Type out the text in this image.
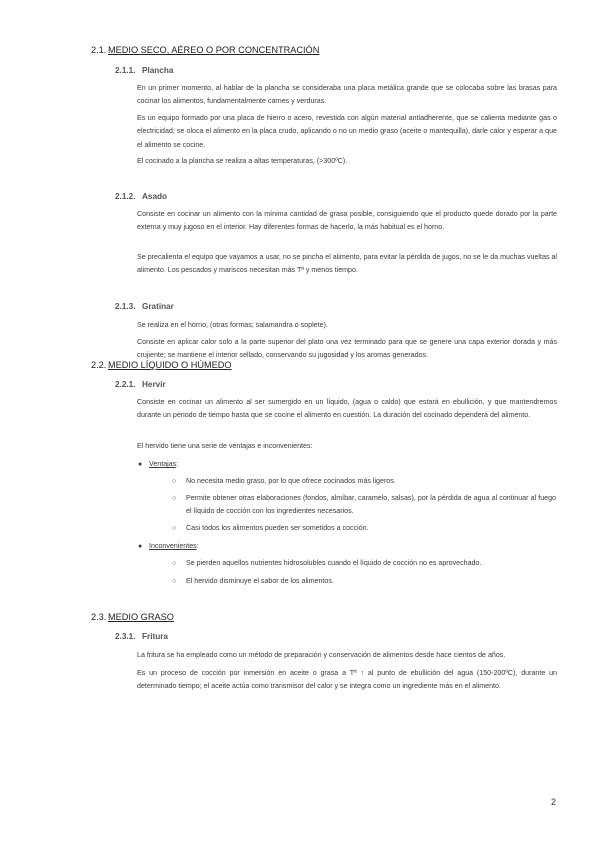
2.1. MEDIO SECO, AÉREO O POR CONCENTRACIÓN
2.1.1. Plancha
En un primer momento, al hablar de la plancha se consideraba una placa metálica grande que se colocaba sobre las brasas para cocinar los alimentos, fundamentalmente carnes y verduras.
Es un equipo formado por una placa de hierro o acero, revestida con algún material antiadherente, que se calienta mediante gas o electricidad; se oloca el alimento en la placa crudo, aplicando o no un medio graso (aceite o mantequilla), darle calor y esperar a que el alimento se cocine.
El cocinado a la plancha se realiza a altas temperaturas, (>300ºC).
2.1.2. Asado
Consiste en cocinar un alimento con la mínima cantidad de grasa posible, consiguiendo que el producto quede dorado por la parte externa y muy jugoso en el interior. Hay diferentes formas de hacerlo, la más habitual es el horno.
Se precalienta el equipo que vayamos a usar, no se pincha el alimento, para evitar la pérdida de jugos, no se le da muchas vueltas al alimento. Los pescados y mariscos necesitan más Tª y menos tiempo.
2.1.3. Gratinar
Se realiza en el horno, (otras formas; salamandra o soplete).
Consiste en aplicar calor solo a la parte superior del plato una vez terminado para que se genere una capa exterior dorada y más crujiente; se mantiene el interior sellado, conservando su jugosidad y los aromas generados.
2.2. MEDIO LÍQUIDO O HÚMEDO
2.2.1. Hervir
Consiste en cocinar un alimento al ser sumergido en un líquido, (agua o caldo) que estará en ebullición, y que mantendremos durante un periodo de tiempo hasta que se cocine el alimento en cuestión. La duración del cocinado dependerá del alimento.
El hervido tiene una serie de ventajas e inconvenientes:
● Ventajas:
○ No necesita medio graso, por lo que ofrece cocinados más ligeros.
○ Permite obtener otras elaboraciones (fondos, almíbar, caramelo, salsas), por la pérdida de agua al continuar al fuego el líquido de cocción con los ingredientes necesarios.
○ Casi todos los alimentos pueden ser sometidos a cocción.
● Inconvenientes:
○ Se pierden aquellos nutrientes hidrosolubles cuando el líquido de cocción no es aprovechado.
○ El hervido disminuye el sabor de los alimentos.
2.3. MEDIO GRASO
2.3.1. Fritura
La fritura se ha empleado como un método de preparación y conservación de alimentos desde hace cientos de años.
Es un proceso de cocción por inmersión en aceite o grasa a Tª ↑ al punto de ebullición del agua (150-200ºC), durante un determinado tiempo; el aceite actúa como transmisor del calor y se integra como un ingrediente más en el alimento.
2
